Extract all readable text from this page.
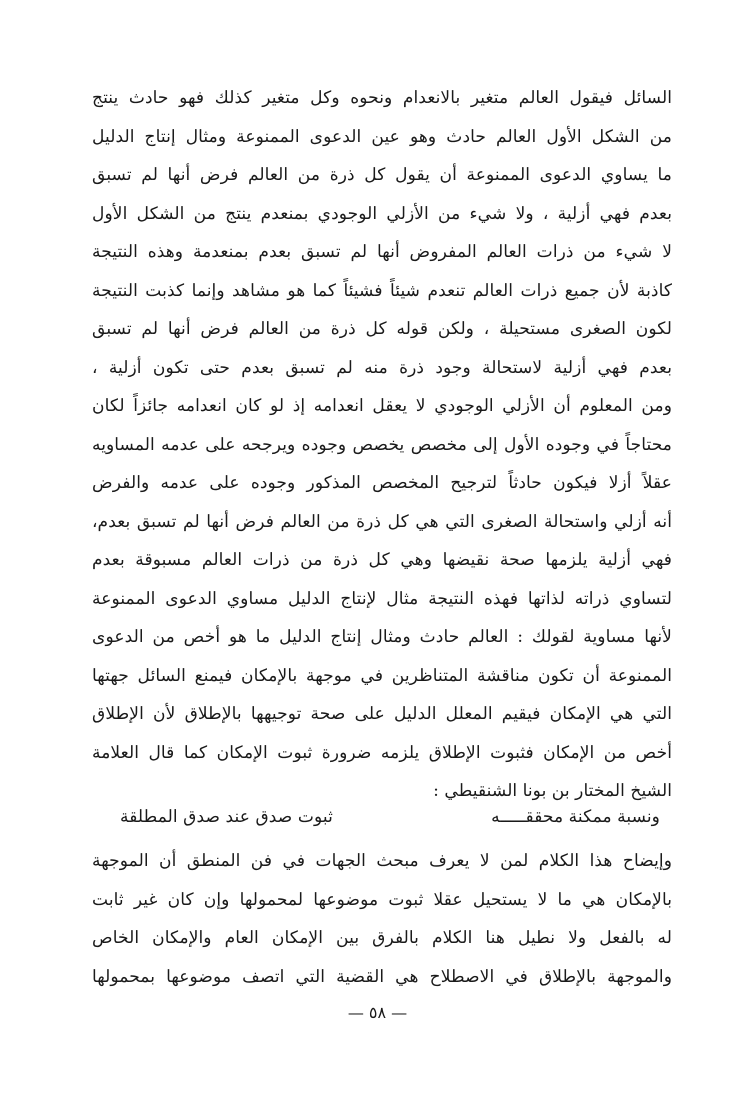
السائل فيقول العالم متغير بالانعدام ونحوه وكل متغير كذلك فهو حادث ينتج
من الشكل الأول العالم حادث وهو عين الدعوى الممنوعة ومثال إنتاج الدليل
ما يساوي الدعوى الممنوعة أن يقول كل ذرة من العالم فرض أنها لم تسبق
بعدم فهي أزلية ، ولا شيء من الأزلي الوجودي بمنعدم ينتج من الشكل الأول
لا شيء من ذرات العالم المفروض أنها لم تسبق بعدم بمنعدمة وهذه النتيجة
كاذبة لأن جميع ذرات العالم تنعدم شيئاً فشيئاً كما هو مشاهد وإنما كذبت النتيجة
لكون الصغرى مستحيلة ، ولكن قوله كل ذرة من العالم فرض أنها لم تسبق
بعدم فهي أزلية لاستحالة وجود ذرة منه لم تسبق بعدم حتى تكون أزلية ،
ومن المعلوم أن الأزلي الوجودي لا يعقل انعدامه إذ لو كان انعدامه جائزاً لكان
محتاجاً في وجوده الأول إلى مخصص يخصص وجوده ويرجحه على عدمه المساويه
عقلاً أزلا فيكون حادثاً لترجيح المخصص المذكور وجوده على عدمه والفرض
أنه أزلي واستحالة الصغرى التي هي كل ذرة من العالم فرض أنها لم تسبق بعدم،
فهي أزلية يلزمها صحة نقيضها وهي كل ذرة من ذرات العالم مسبوقة بعدم
لتساوي ذراته لذاتها فهذه النتيجة مثال لإنتاج الدليل مساوي الدعوى الممنوعة
لأنها مساوية لقولك : العالم حادث ومثال إنتاج الدليل ما هو أخص من الدعوى
الممنوعة أن تكون مناقشة المتناظرين في موجهة بالإمكان فيمنع السائل جهتها
التي هي الإمكان فيقيم المعلل الدليل على صحة توجيهها بالإطلاق لأن الإطلاق
أخص من الإمكان فثبوت الإطلاق يلزمه ضرورة ثبوت الإمكان كما قال العلامة
الشيخ المختار بن بونا الشنقيطي :
ونسبة ممكنة محققـــــه
ثبوت صدق عند صدق المطلقة
وإيضاح هذا الكلام لمن لا يعرف مبحث الجهات في فن المنطق أن الموجهة
بالإمكان هي ما لا يستحيل عقلا ثبوت موضوعها لمحمولها وإن كان غير ثابت
له بالفعل ولا نطيل هنا الكلام بالفرق بين الإمكان العام والإمكان الخاص
والموجهة بالإطلاق في الاصطلاح هي القضية التي اتصف موضوعها بمحمولها
— ٥٨ —
